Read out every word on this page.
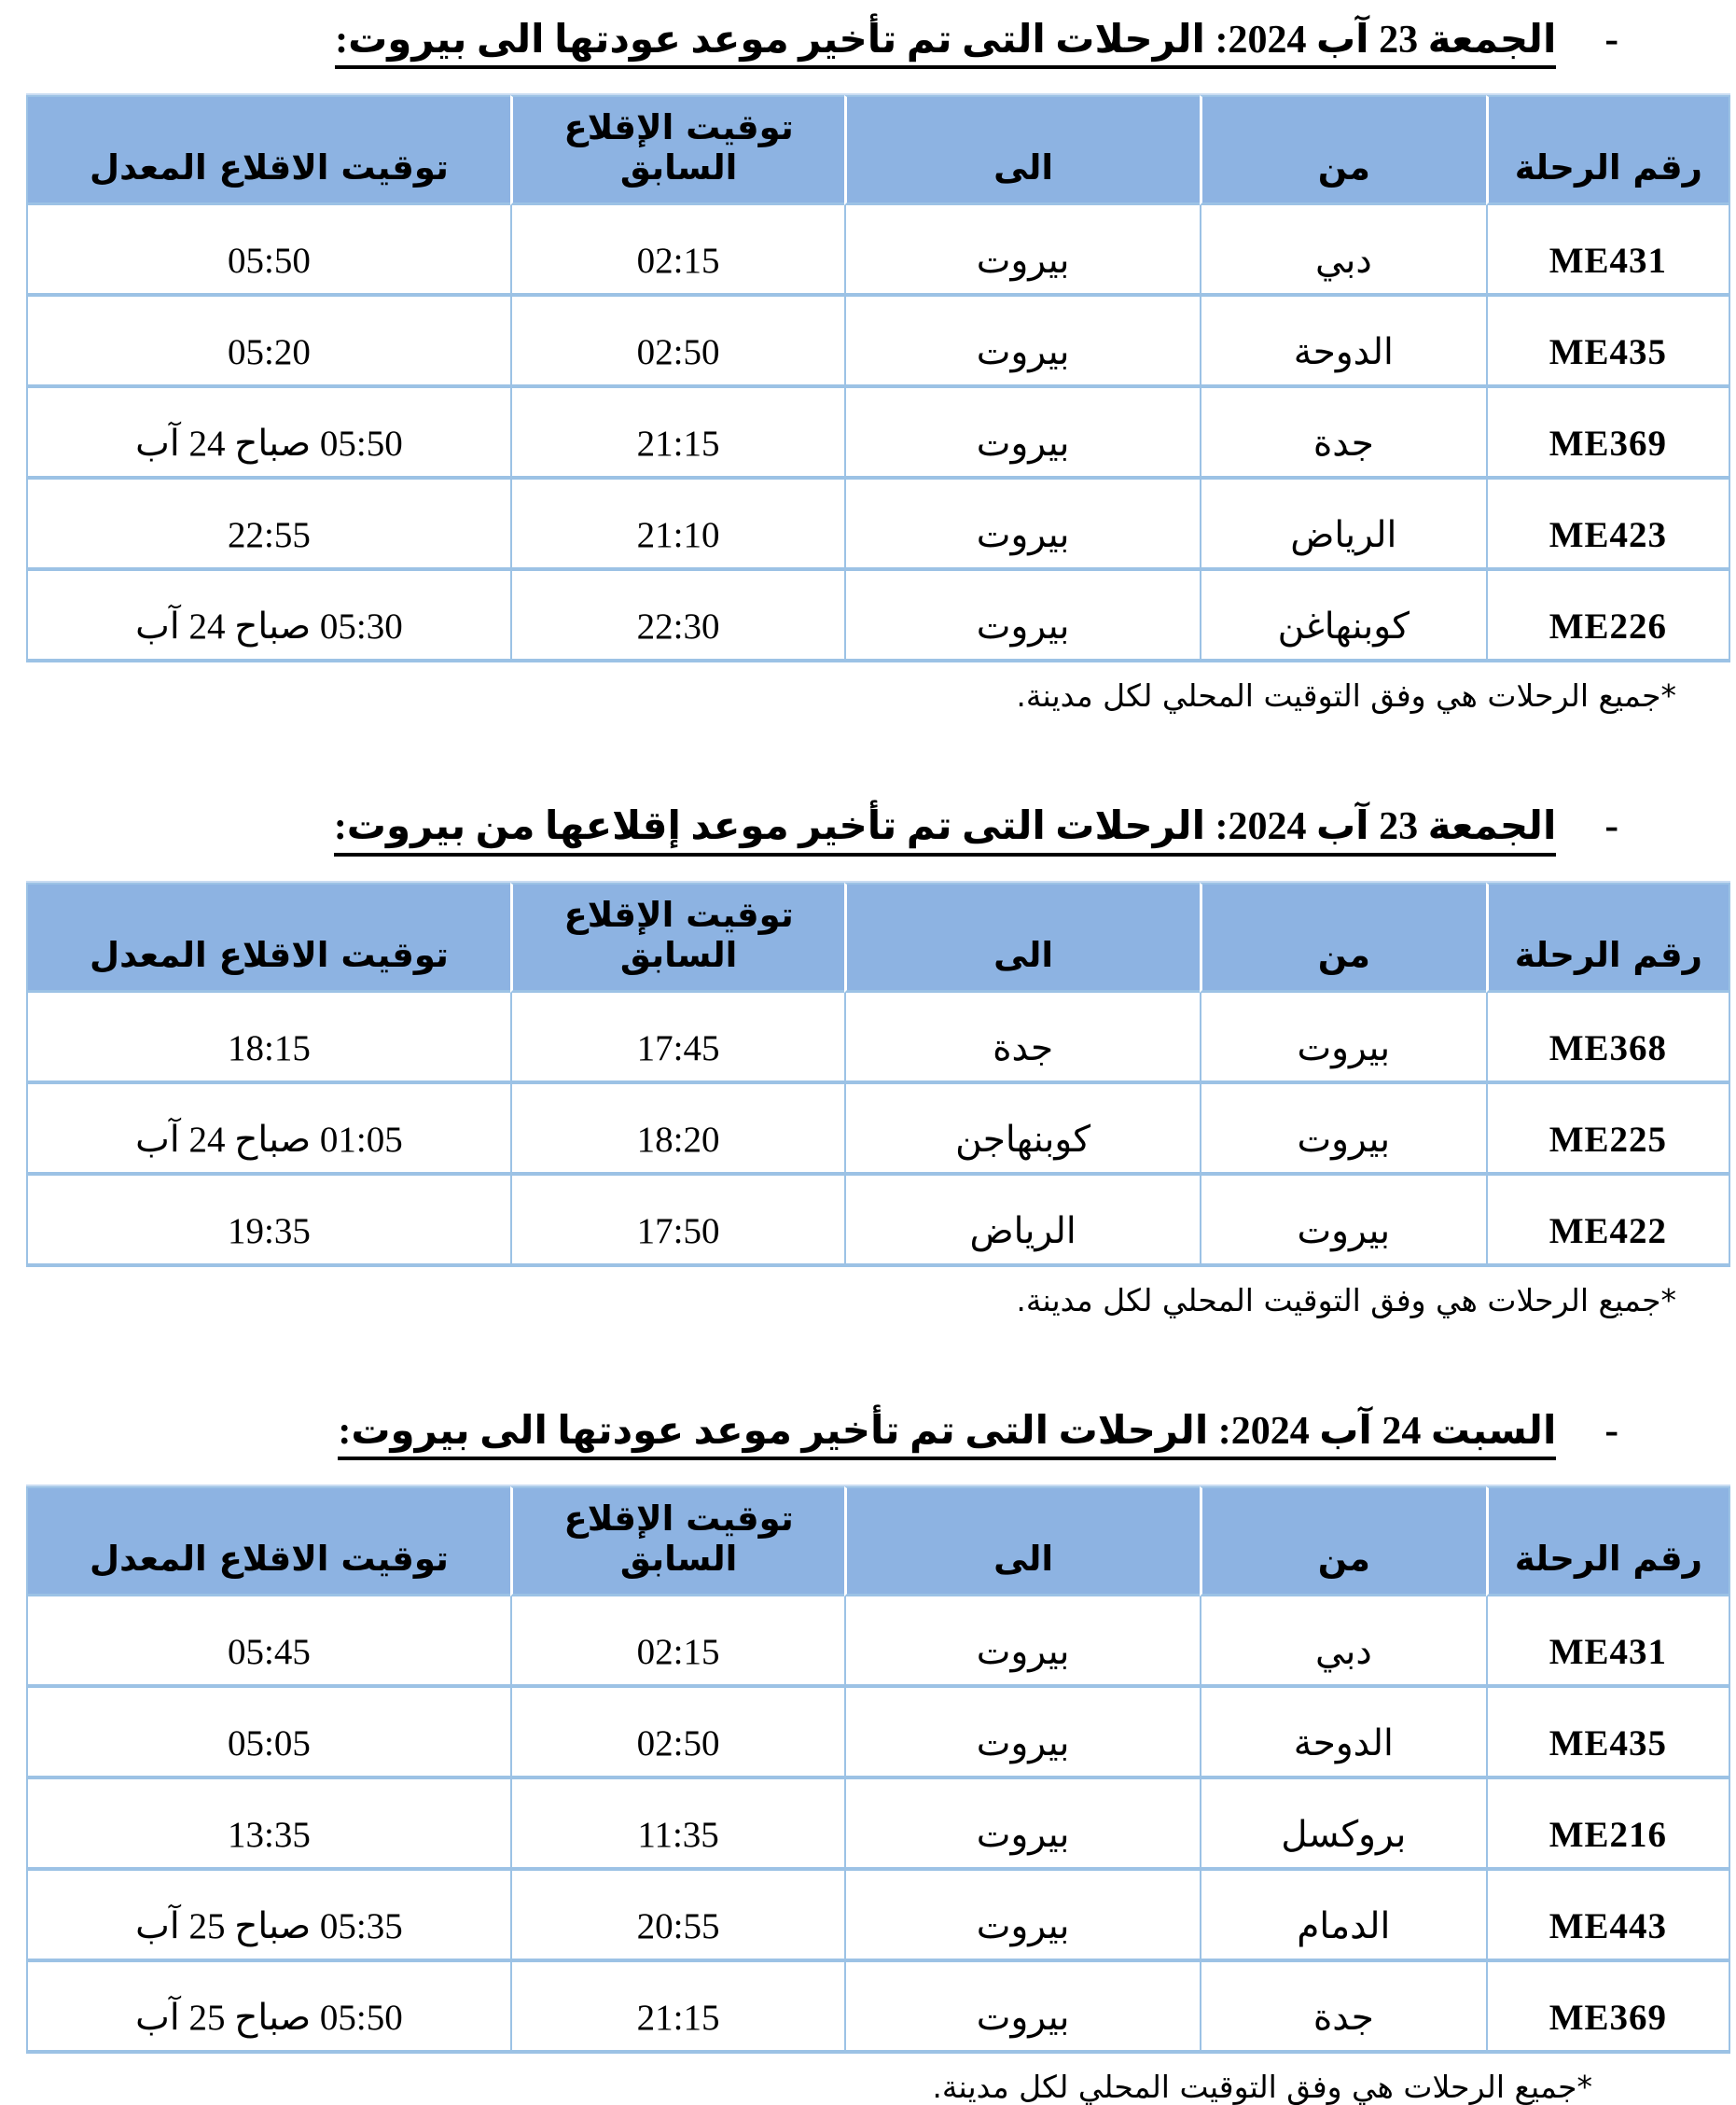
-
الجمعة 23 آب 2024: الرحلات التى تم تأخير موعد عودتها الى بيروت:
رقم الرحلة	من	الى	توقيت الإقلاع السابق	توقيت الاقلاع المعدل
ME431	دبي	بيروت	02:15	05:50
ME435	الدوحة	بيروت	02:50	05:20
ME369	جدة	بيروت	21:15	05:50 صباح 24 آب
ME423	الرياض	بيروت	21:10	22:55
ME226	كوبنهاغن	بيروت	22:30	05:30 صباح 24 آب

*جميع الرحلات هي وفق التوقيت المحلي لكل مدينة.

-
الجمعة 23 آب 2024: الرحلات التى تم تأخير موعد إقلاعها من بيروت:
رقم الرحلة	من	الى	توقيت الإقلاع السابق	توقيت الاقلاع المعدل
ME368	بيروت	جدة	17:45	18:15
ME225	بيروت	كوبنهاجن	18:20	01:05 صباح 24 آب
ME422	بيروت	الرياض	17:50	19:35

*جميع الرحلات هي وفق التوقيت المحلي لكل مدينة.

-
السبت 24 آب 2024: الرحلات التى تم تأخير موعد عودتها الى بيروت:
رقم الرحلة	من	الى	توقيت الإقلاع السابق	توقيت الاقلاع المعدل
ME431	دبي	بيروت	02:15	05:45
ME435	الدوحة	بيروت	02:50	05:05
ME216	بروكسل	بيروت	11:35	13:35
ME443	الدمام	بيروت	20:55	05:35 صباح 25 آب
ME369	جدة	بيروت	21:15	05:50 صباح 25 آب

*جميع الرحلات هي وفق التوقيت المحلي لكل مدينة.
